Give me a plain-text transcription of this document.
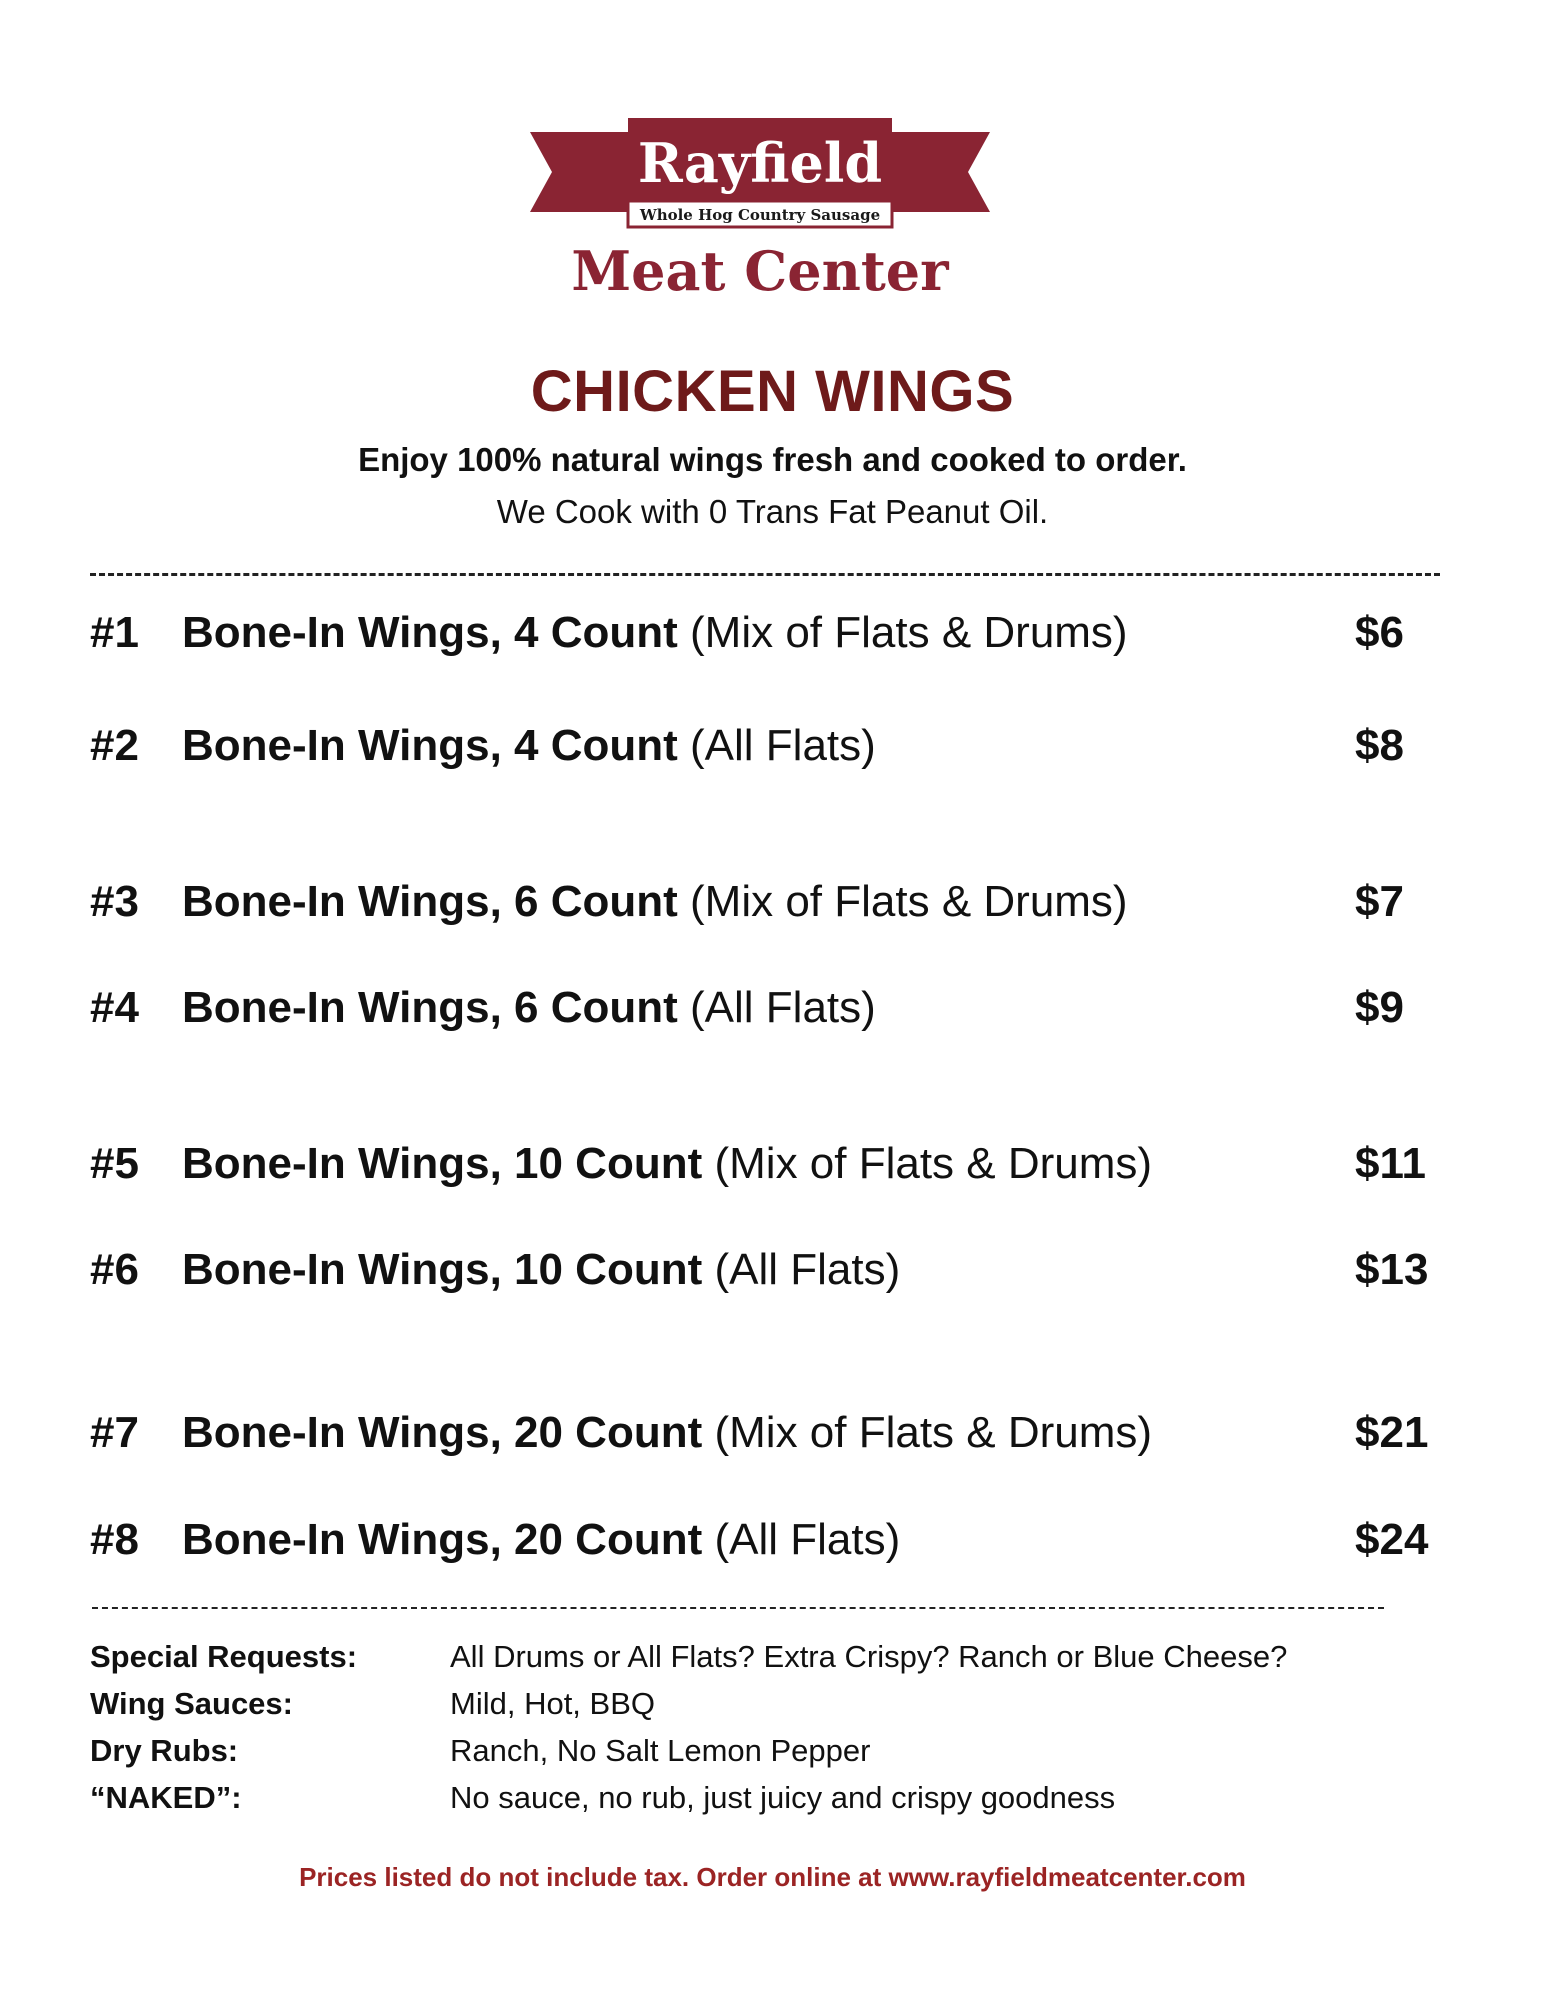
Rayfield
Whole Hog Country Sausage
Meat Center
CHICKEN WINGS
Enjoy 100% natural wings fresh and cooked to order.
We Cook with 0 Trans Fat Peanut Oil.
#1 Bone-In Wings, 4 Count (Mix of Flats & Drums)	$6
#2 Bone-In Wings, 4 Count (All Flats)	$8
#3 Bone-In Wings, 6 Count (Mix of Flats & Drums)	$7
#4 Bone-In Wings, 6 Count (All Flats)	$9
#5 Bone-In Wings, 10 Count (Mix of Flats & Drums)	$11
#6 Bone-In Wings, 10 Count (All Flats)	$13
#7 Bone-In Wings, 20 Count (Mix of Flats & Drums)	$21
#8 Bone-In Wings, 20 Count (All Flats)	$24
Special Requests:	All Drums or All Flats? Extra Crispy? Ranch or Blue Cheese?
Wing Sauces:	Mild, Hot, BBQ
Dry Rubs:	Ranch, No Salt Lemon Pepper
“NAKED”:	No sauce, no rub, just juicy and crispy goodness
Prices listed do not include tax. Order online at www.rayfieldmeatcenter.com
